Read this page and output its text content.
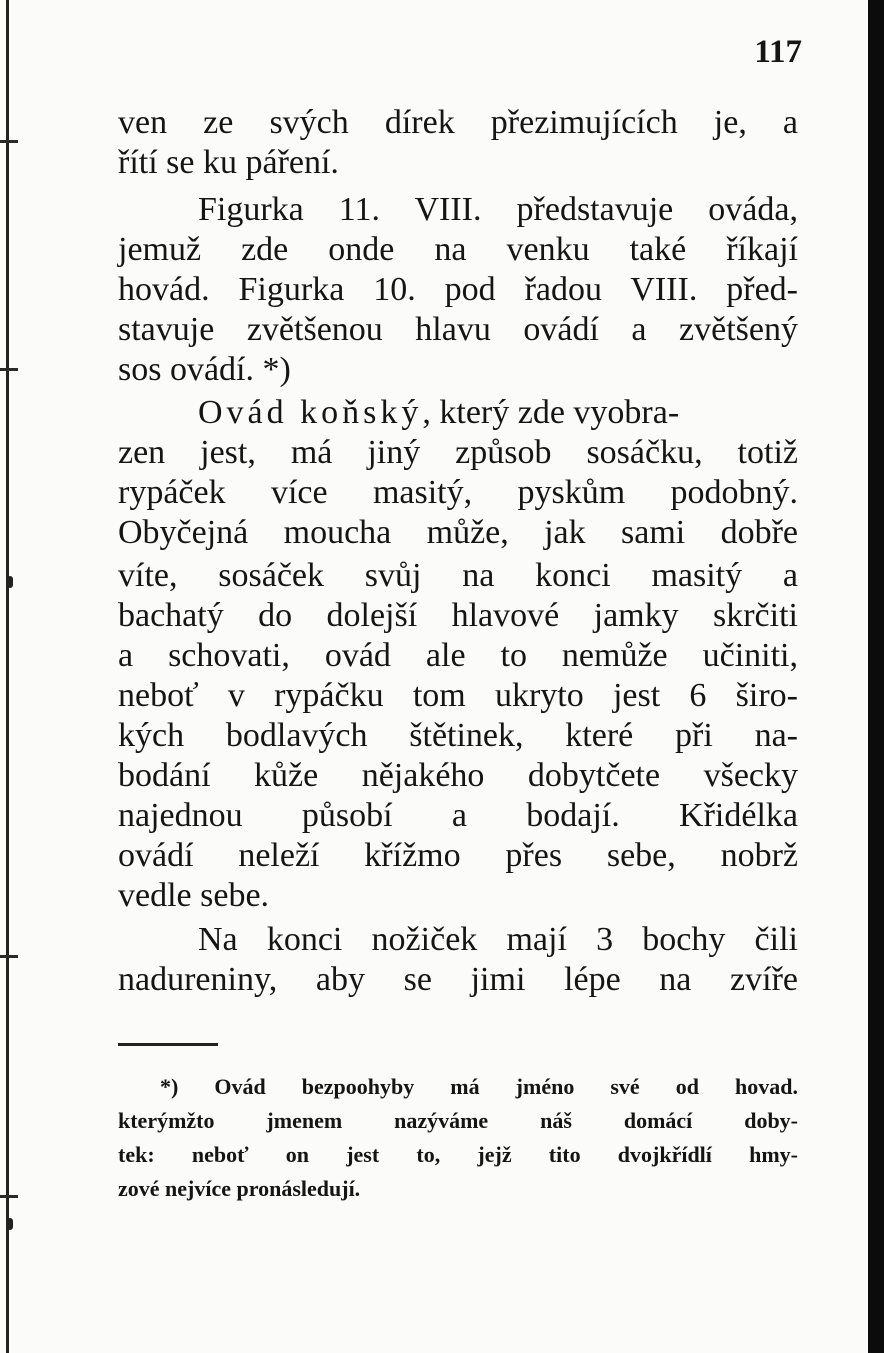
117
ven ze svých dírek přezimujících je, a
řítí se ku páření.
Figurka 11. VIII. představuje ováda,
jemuž zde onde na venku také říkají
hovád. Figurka 10. pod řadou VIII. před-
stavuje zvětšenou hlavu ovádí a zvětšený
sos ovádí. *)
Ovád koňský, který zde vyobra-
zen jest, má jiný způsob sosáčku, totiž
rypáček více masitý, pyskům podobný.
Obyčejná moucha může, jak sami dobře
víte, sosáček svůj na konci masitý a
bachatý do dolejší hlavové jamky skrčiti
a schovati, ovád ale to nemůže učiniti,
neboť v rypáčku tom ukryto jest 6 širo-
kých bodlavých štětinek, které při na-
bodání kůže nějakého dobytčete všecky
najednou působí a bodají. Křidélka
ovádí neleží křížmo přes sebe, nobrž
vedle sebe.
Na konci nožiček mají 3 bochy čili
nadureniny, aby se jimi lépe na zvíře
*) Ovád bezpoohyby má jméno své od hovad.
kterýmžto jmenem nazýváme náš domácí doby-
tek: neboť on jest to, jejž tito dvojkřídlí hmy-
zové nejvíce pronásledují.
